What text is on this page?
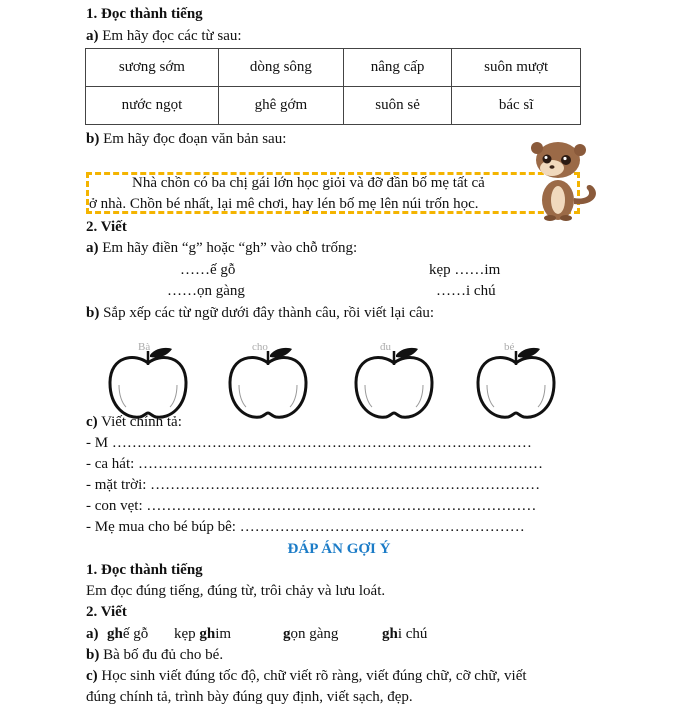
1. Đọc thành tiếng
a) Em hãy đọc các từ sau:
sương sớm	dòng sông	nâng cấp	suôn mượt
nước ngọt	ghê gớm	suôn sẻ	bác sĩ
b) Em hãy đọc đoạn văn bản sau:
Nhà chồn có ba chị gái lớn học giỏi và đỡ đần bố mẹ tất cả
ở nhà. Chồn bé nhất, lại mê chơi, hay lén bố mẹ lên núi trốn học.
2. Viết
a) Em hãy điền “g” hoặc “gh” vào chỗ trống:
……ế gỗ	kẹp ……im
……ọn gàng	……i chú
b) Sắp xếp các từ ngữ dưới đây thành câu, rồi viết lại câu:
Bà	cho	đu	bé
c) Viết chính tả:
- M …………………………………………………………………………
- ca hát: ………………………………………………………………………
- mặt trời: ……………………………………………………………………
- con vẹt: ……………………………………………………………………
- Mẹ mua cho bé búp bê: …………………………………………………
ĐÁP ÁN GỢI Ý
1. Đọc thành tiếng
Em đọc đúng tiếng, đúng từ, trôi chảy và lưu loát.
2. Viết
a) ghế gỗ kẹp ghim	gọn gàng	ghi chú
b) Bà bố đu đủ cho bé.
c) Học sinh viết đúng tốc độ, chữ viết rõ ràng, viết đúng chữ, cỡ chữ, viết
đúng chính tả, trình bày đúng quy định, viết sạch, đẹp.
